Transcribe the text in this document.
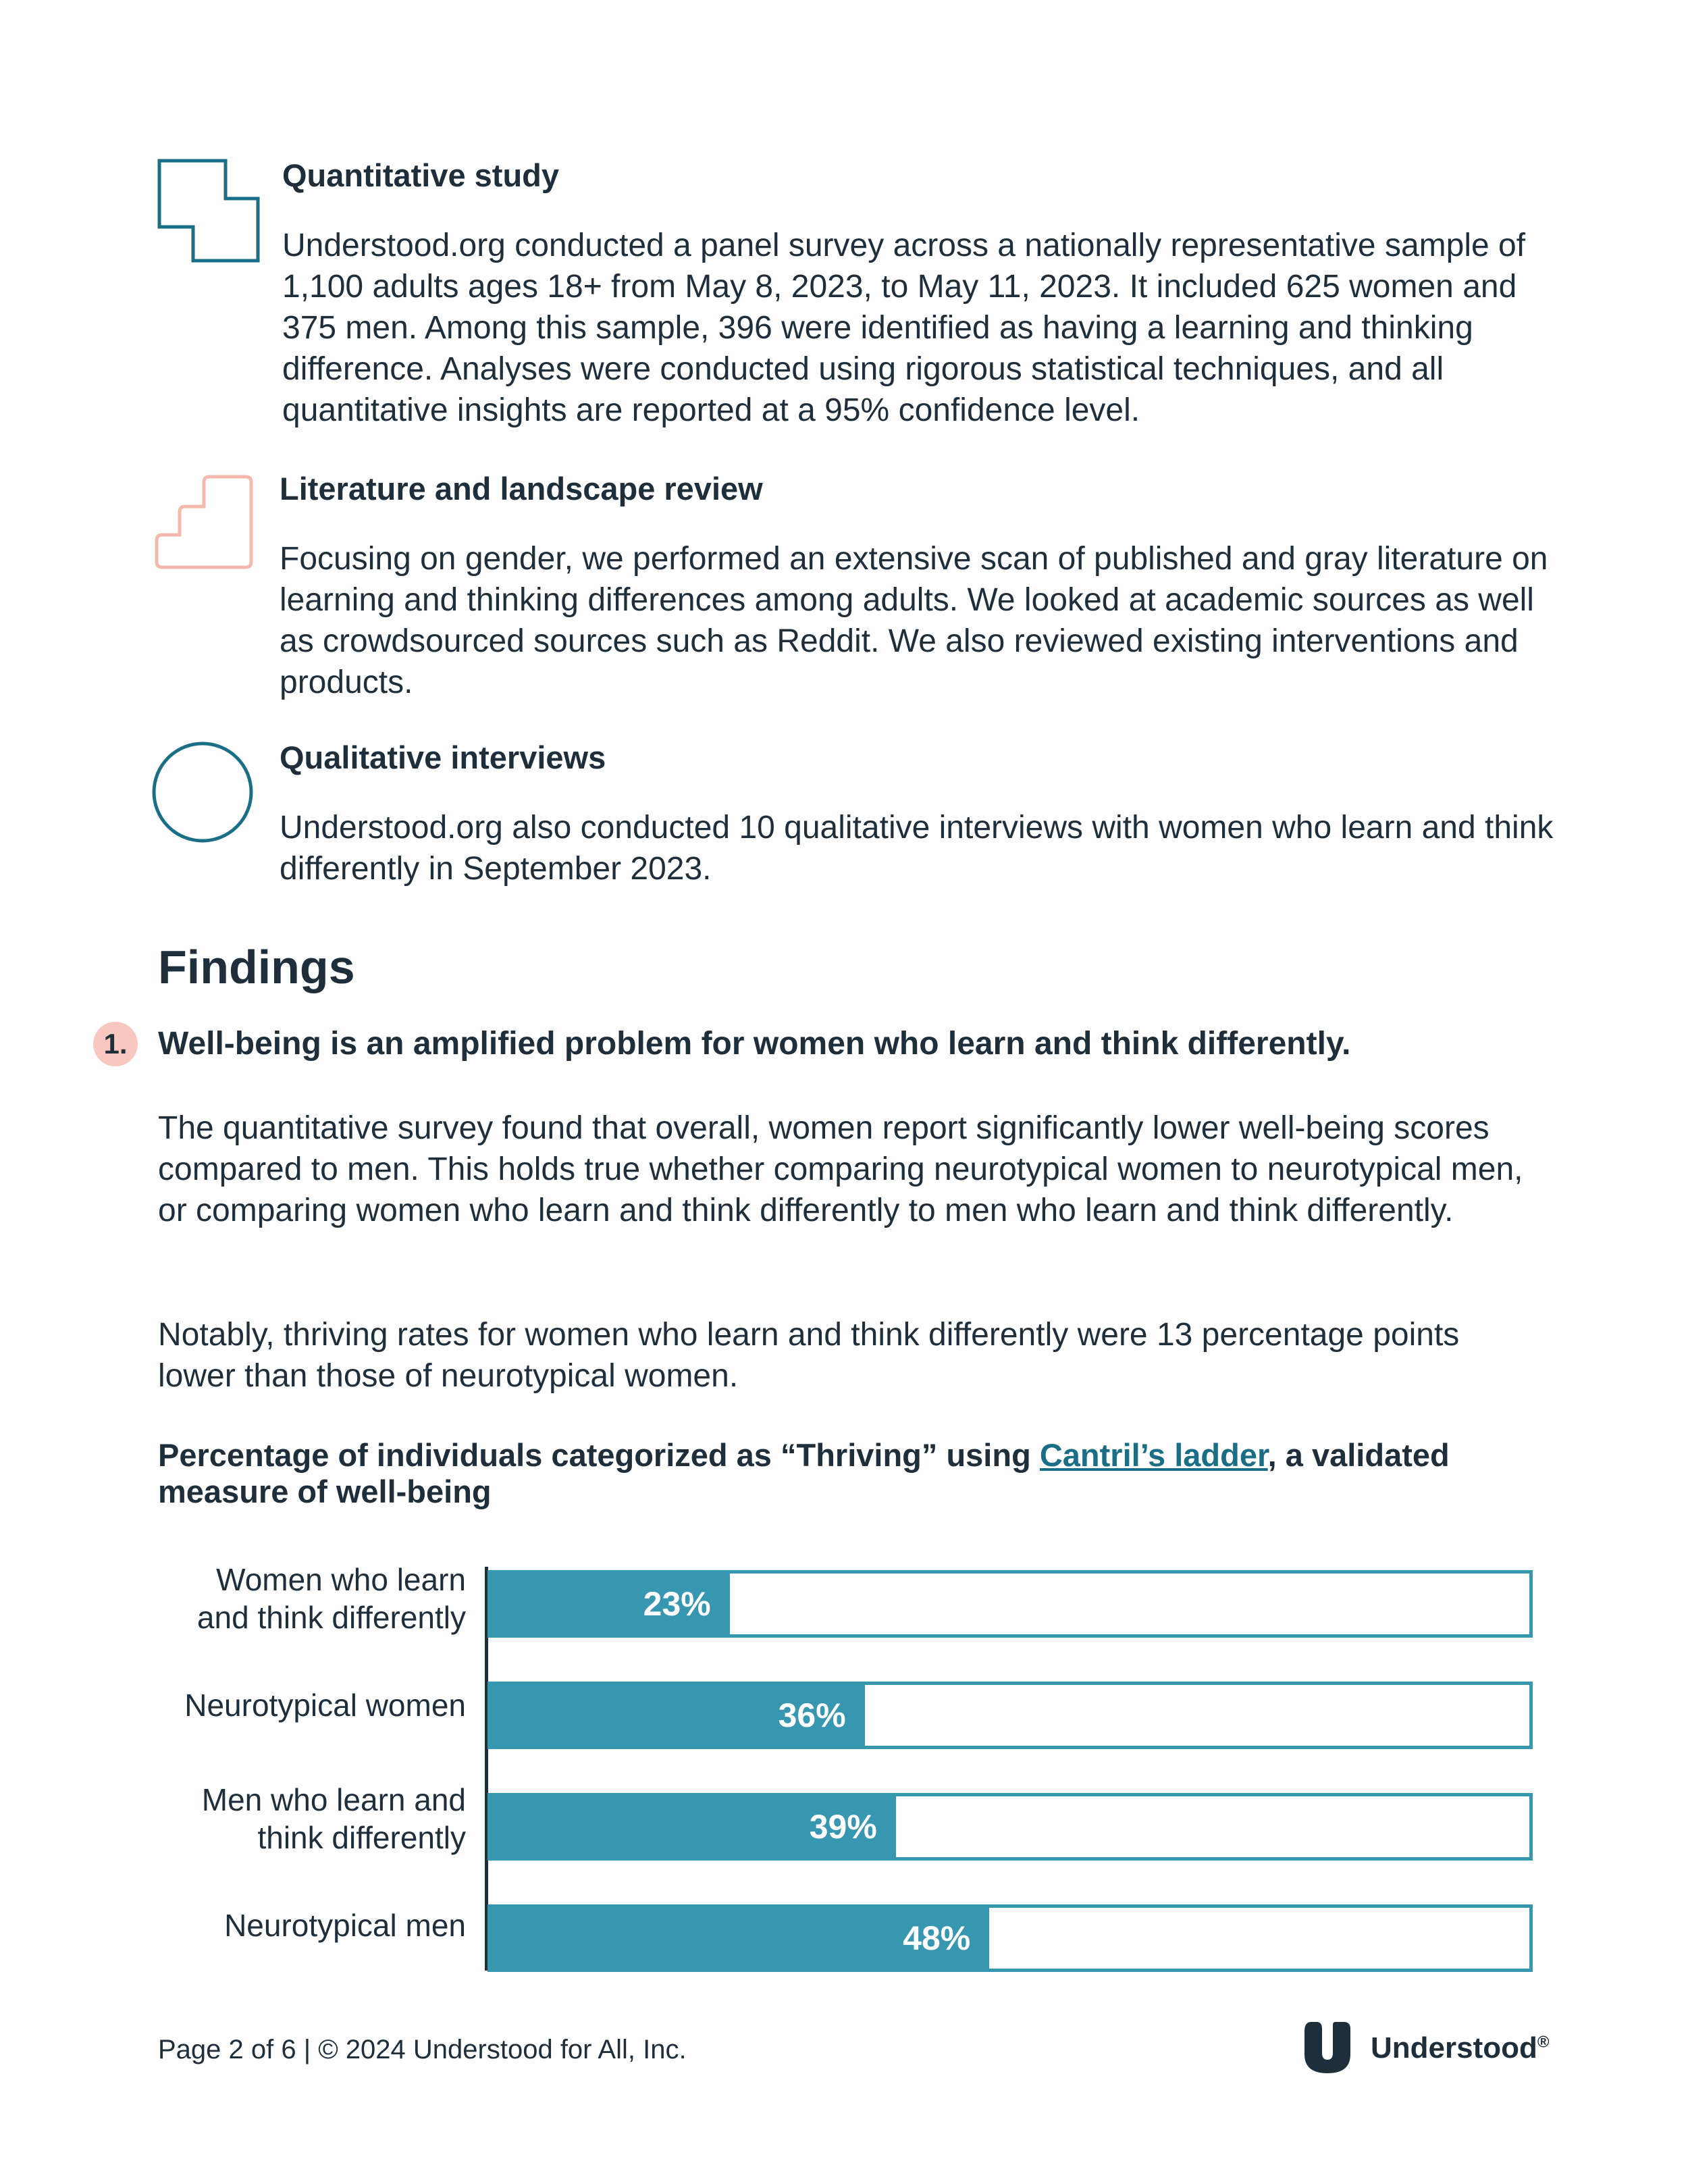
Quantitative study

Understood.org conducted a panel survey across a nationally representative sample of 1,100 adults ages 18+ from May 8, 2023, to May 11, 2023. It included 625 women and 375 men. Among this sample, 396 were identified as having a learning and thinking difference. Analyses were conducted using rigorous statistical techniques, and all quantitative insights are reported at a 95% confidence level.

Literature and landscape review

Focusing on gender, we performed an extensive scan of published and gray literature on learning and thinking differences among adults. We looked at academic sources as well as crowdsourced sources such as Reddit. We also reviewed existing interventions and products.

Qualitative interviews

Understood.org also conducted 10 qualitative interviews with women who learn and think differently in September 2023.

Findings
1. Well-being is an amplified problem for women who learn and think differently.

The quantitative survey found that overall, women report significantly lower well-being scores compared to men. This holds true whether comparing neurotypical women to neurotypical men, or comparing women who learn and think differently to men who learn and think differently.

Notably, thriving rates for women who learn and think differently were 13 percentage points lower than those of neurotypical women.

Percentage of individuals categorized as “Thriving” using Cantril’s ladder, a validated measure of well-being
Women who learn
and think differently
Neurotypical women
Men who learn and
think differently
Neurotypical men
23%
36%
39%
48%
Page 2 of 6 | © 2024 Understood for All, Inc.	Understood®
